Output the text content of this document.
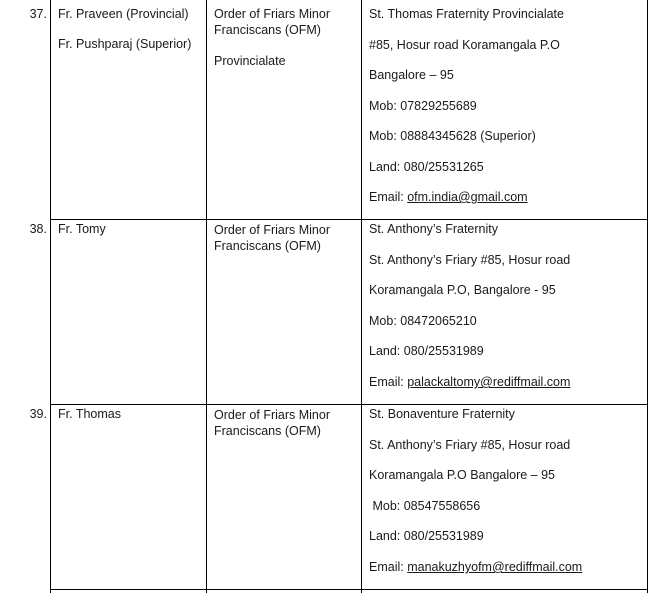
37. Fr. Praveen (Provincial)
Fr. Pushparaj (Superior)
Order of Friars Minor
Franciscans (OFM)
Provincialate
St. Thomas Fraternity Provincialate
#85, Hosur road Koramangala P.O
Bangalore – 95
Mob: 07829255689
Mob: 08884345628 (Superior)
Land: 080/25531265
Email: ofm.india@gmail.com
38. Fr. Tomy	Order of Friars Minor
Franciscans (OFM)
St. Anthony’s Fraternity
St. Anthony’s Friary #85, Hosur road
Koramangala P.O, Bangalore - 95
Mob: 08472065210
Land: 080/25531989
Email: palackaltomy@rediffmail.com
39. Fr. Thomas	Order of Friars Minor
Franciscans (OFM)
St. Bonaventure Fraternity
St. Anthony’s Friary #85, Hosur road
Koramangala P.O Bangalore – 95
Mob: 08547558656
Land: 080/25531989
Email: manakuzhyofm@rediffmail.com
